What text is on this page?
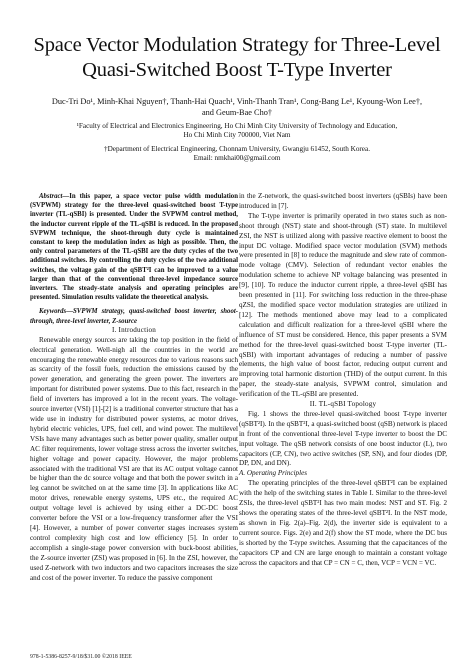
Space Vector Modulation Strategy for Three-Level
Quasi-Switched Boost T-Type Inverter
Duc-Tri Do¹, Minh-Khai Nguyen†, Thanh-Hai Quach¹, Vinh-Thanh Tran¹, Cong-Bang Le¹, Kyoung-Won Lee†,
and Geum-Bae Cho†
¹Faculty of Electrical and Electronics Engineering, Ho Chi Minh City University of Technology and Education,
Ho Chi Minh City 700000, Viet Nam
†Department of Electrical Engineering, Chonnam University, Gwangju 61452, South Korea.
Email: nmkhai00@gmail.com

Abstract—In this paper, a space vector pulse width modulation (SVPWM) strategy for the three-level quasi-switched boost T-type inverter (TL-qSBI) is presented. Under the SVPWM control method, the inductor current ripple of the TL-qSBI is reduced. In the proposed SVPWM technique, the shoot-through duty cycle is maintained constant to keep the modulation index as high as possible. Then, the only control parameters of the TL-qSBI are the duty cycles of the two additional switches. By controlling the duty cycles of the two additional switches, the voltage gain of the qSBT²I can be improved to a value larger than that of the conventional three-level impedance source inverters. The steady-state analysis and operating principles are presented. Simulation results validate the theoretical analysis.

Keywords—SVPWM strategy, quasi-switched boost inverter, shoot-through, three-level inverter, Z-source

I. Introduction

Renewable energy sources are taking the top position in the field of electrical generation. Well-nigh all the countries in the world are encouraging the renewable energy resources due to various reasons such as scarcity of the fossil fuels, reduction the emissions caused by the power generation, and generating the green power. The inverters are important for distributed power systems. Due to this fact, research in the field of inverters has improved a lot in the recent years. The voltage-source inverter (VSI) [1]-[2] is a traditional converter structure that has a wide use in industry for distributed power systems, ac motor drives, hybrid electric vehicles, UPS, fuel cell, and wind power. The multilevel VSIs have many advantages such as better power quality, smaller output AC filter requirements, lower voltage stress across the inverter switches, higher voltage and power capacity. However, the major problems associated with the traditional VSI are that its AC output voltage cannot be higher than the dc source voltage and that both the power switch in a leg cannot be switched on at the same time [3]. In applications like AC motor drives, renewable energy systems, UPS etc., the required AC output voltage level is achieved by using either a DC-DC boost converter before the VSI or a low-frequency transformer after the VSI [4]. However, a number of power converter stages increases system control complexity high cost and low efficiency [5]. In order to accomplish a single-stage power conversion with buck-boost abilities, the Z-source inverter (ZSI) was proposed in [6]. In the ZSI, however, the used Z-network with two inductors and two capacitors increases the size and cost of the power inverter. To reduce the passive component

in the Z-network, the quasi-switched boost inverters (qSBIs) have been introduced in [7].

The T-type inverter is primarily operated in two states such as non-shoot through (NST) state and shoot-through (ST) state. In multilevel ZSI, the NST is utilized along with passive reactive element to boost the input DC voltage. Modified space vector modulation (SVM) methods were presented in [8] to reduce the magnitude and slew rate of common-mode voltage (CMV). Selection of redundant vector enables the modulation scheme to achieve NP voltage balancing was presented in [9], [10]. To reduce the inductor current ripple, a three-level qSBI has been presented in [11]. For switching loss reduction in the three-phase qZSI, the modified space vector modulation strategies are utilized in [12]. The methods mentioned above may lead to a complicated calculation and difficult realization for a three-level qSBI where the influence of ST must be considered. Hence, this paper presents a SVM method for the three-level quasi-switched boost T-type inverter (TL-qSBI) with important advantages of reducing a number of passive elements, the high value of boost factor, reducing output current and improving total harmonic distortion (THD) of the output current. In this paper, the steady-state analysis, SVPWM control, simulation and verification of the TL-qSBI are presented.

II. TL-qSBI Topology

Fig. 1 shows the three-level quasi-switched boost T-type inverter (qSBT²I). In the qSBT²I, a quasi-switched boost (qSB) network is placed in front of the conventional three-level T-type inverter to boost the DC input voltage. The qSB network consists of one boost inductor (L), two capacitors (CP, CN), two active switches (SP, SN), and four diodes (DP, DP, DN, and DN).

A. Operating Principles

The operating principles of the three-level qSBT²I can be explained with the help of the switching states in Table I. Similar to the three-level ZSIs, the three-level qSBT²I has two main modes: NST and ST. Fig. 2 shows the operating states of the three-level qSBT²I. In the NST mode, as shown in Fig. 2(a)–Fig. 2(d), the inverter side is equivalent to a current source. Figs. 2(e) and 2(f) show the ST mode, where the DC bus is shorted by the T-type switches. Assuming that the capacitances of the capacitors CP and CN are large enough to maintain a constant voltage across the capacitors and that CP = CN = C, then, VCP = VCN = VC.

978-1-5386-8257-9/18/$31.00 ©2018 IEEE
